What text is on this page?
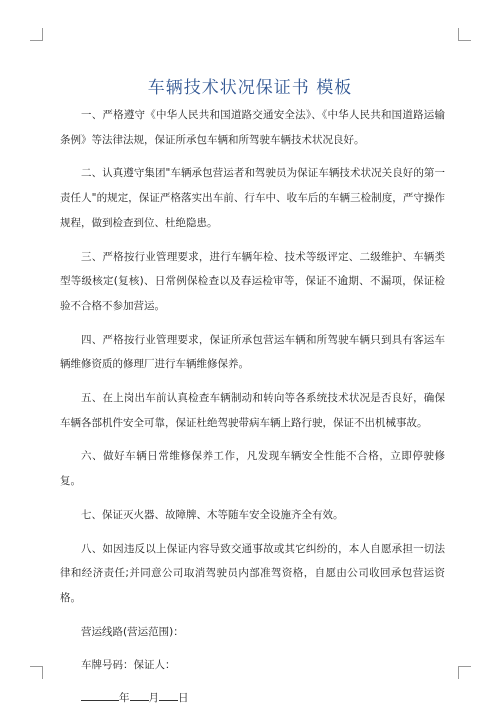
车辆技术状况保证书 模板

一、严格遵守《中华人民共和国道路交通安全法》、《中华人民共和国道路运输条例》等法律法规，保证所承包车辆和所驾驶车辆技术状况良好。

二、认真遵守集团"车辆承包营运者和驾驶员为保证车辆技术状况关良好的第一责任人"的规定，保证严格落实出车前、行车中、收车后的车辆三检制度，严守操作规程，做到检查到位、杜绝隐患。

三、严格按行业管理要求，进行车辆年检、技术等级评定、二级维护、车辆类型等级核定(复核)、日常例保检查以及春运检审等，保证不逾期、不漏项，保证检验不合格不参加营运。

四、严格按行业管理要求，保证所承包营运车辆和所驾驶车辆只到具有客运车辆维修资质的修理厂进行车辆维修保养。

五、在上岗出车前认真检查车辆制动和转向等各系统技术状况是否良好，确保车辆各部机件安全可靠，保证杜绝驾驶带病车辆上路行驶，保证不出机械事故。

六、做好车辆日常维修保养工作，凡发现车辆安全性能不合格，立即停驶修复。

七、保证灭火器、故障牌、木等随车安全设施齐全有效。

八、如因违反以上保证内容导致交通事故或其它纠纷的，本人自愿承担一切法律和经济责任;并同意公司取消驾驶员内部准驾资格，自愿由公司收回承包营运资格。

营运线路(营运范围)：

车牌号码：保证人：

年 月 日
